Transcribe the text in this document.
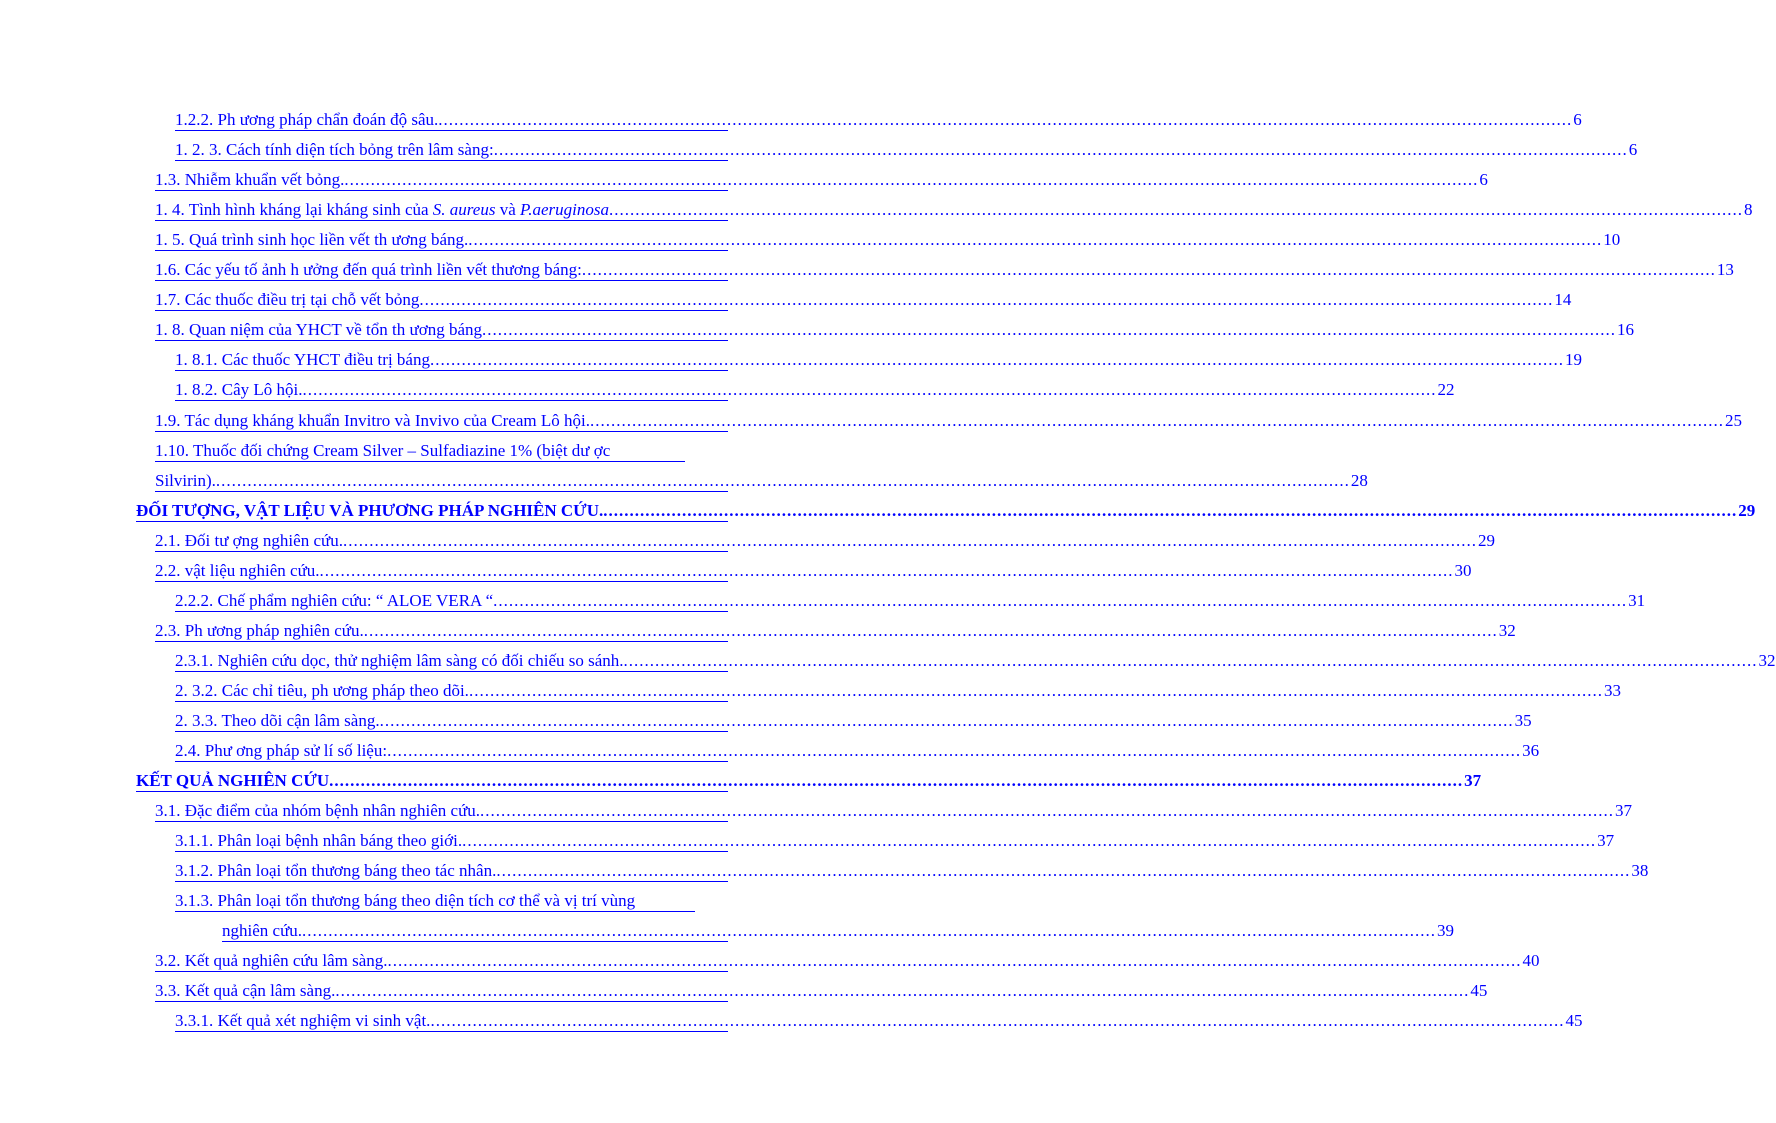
1.2.2. Ph ương pháp chẩn đoán độ sâu. .....	6
1. 2. 3. Cách tính diện tích bỏng trên lâm sàng: .....	6
1.3. Nhiễm khuẩn vết bỏng. .....	6
1. 4. Tình hình kháng lại kháng sinh của S. aureus và P.aeruginosa .....	8
1. 5. Quá trình sinh học liền vết th ương báng. .....	10
1.6. Các yếu tố ảnh h ưởng đến quá trình liền vết thương báng: .....	13
1.7. Các thuốc điều trị tại chỗ vết bỏng .....	14
1. 8. Quan niệm của YHCT về tổn th ương báng .....	16
1. 8.1. Các thuốc YHCT điều trị báng .....	19
1. 8.2. Cây Lô hội. .....	22
1.9. Tác dụng kháng khuẩn Invitro và Invivo của Cream Lô hội. .....	25
1.10. Thuốc đối chứng Cream Silver – Sulfadiazine 1% (biệt dư ợc
Silvirin). .....	28
ĐỐI TƯỢNG, VẬT LIỆU VÀ PHƯƠNG PHÁP NGHIÊN CỨU. .....	29
2.1. Đối tư ợng nghiên cứu. .....	29
2.2. vật liệu nghiên cứu. .....	30
2.2.2. Chế phẩm nghiên cứu: “ ALOE VERA “ .....	31
2.3. Ph ương pháp nghiên cứu. .....	32
2.3.1. Nghiên cứu dọc, thử nghiệm lâm sàng có đối chiếu so sánh. .....	32
2. 3.2. Các chỉ tiêu, ph ương pháp theo dõi. .....	33
2. 3.3. Theo dõi cận lâm sàng. .....	35
2.4. Phư ơng pháp sử lí số liệu: .....	36
KẾT QUẢ NGHIÊN CỨU .....	37
3.1. Đặc điểm của nhóm bệnh nhân nghiên cứu. .....	37
3.1.1. Phân loại bệnh nhân báng theo giới. .....	37
3.1.2. Phân loại tổn thương báng theo tác nhân. .....	38
3.1.3. Phân loại tổn thương báng theo diện tích cơ thể và vị trí vùng
nghiên cứu. .....	39
3.2. Kết quả nghiên cứu lâm sàng. .....	40
3.3. Kết quả cận lâm sàng. .....	45
3.3.1. Kết quả xét nghiệm vi sinh vật. .....	45
